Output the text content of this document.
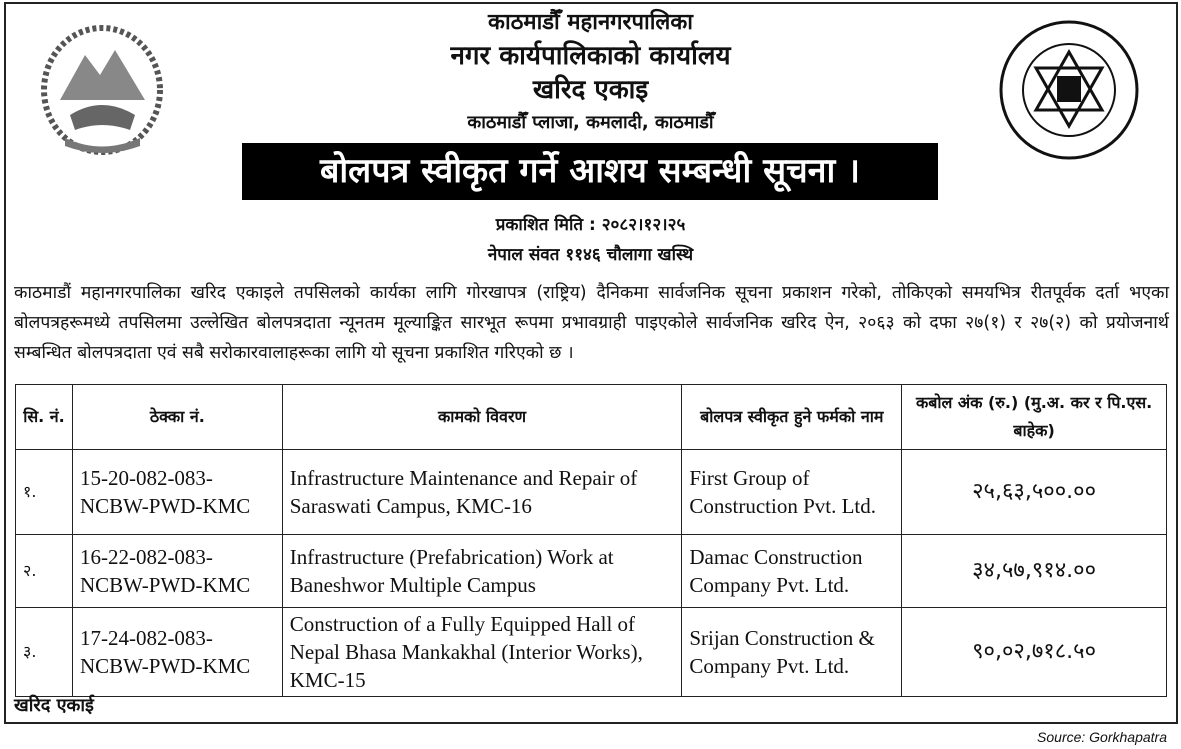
काठमाडौँ महानगरपालिका
नगर कार्यपालिकाको कार्यालय
खरिद एकाइ
काठमाडौँ प्लाजा, कमलादी, काठमाडौँ
बोलपत्र स्वीकृत गर्ने आशय सम्बन्धी सूचना ।
प्रकाशित मिति : २०८२।१२।२५
नेपाल संवत ११४६ चौलागा खस्थि
काठमाडौं महानगरपालिका खरिद एकाइले तपसिलको कार्यका लागि गोरखापत्र (राष्ट्रिय) दैनिकमा सार्वजनिक सूचना प्रकाशन गरेको, तोकिएको समयभित्र रीतपूर्वक दर्ता भएका बोलपत्रहरूमध्ये तपसिलमा उल्लेखित बोलपत्रदाता न्यूनतम मूल्याङ्कित सारभूत रूपमा प्रभावग्राही पाइएकोले सार्वजनिक खरिद ऐन, २०६३ को दफा २७(१) र २७(२) को प्रयोजनार्थ सम्बन्धित बोलपत्रदाता एवं सबै सरोकारवालाहरूका लागि यो सूचना प्रकाशित गरिएको छ ।
सि. नं.	ठेक्का नं.	कामको विवरण	बोलपत्र स्वीकृत हुने फर्मको नाम	कबोल अंक (रु.) (मु.अ. कर र पि.एस. बाहेक)
१.	15-20-082-083-NCBW-PWD-KMC	Infrastructure Maintenance and Repair of Saraswati Campus, KMC-16	First Group of Construction Pvt. Ltd.	२५,६३,५००.००
२.	16-22-082-083-NCBW-PWD-KMC	Infrastructure (Prefabrication) Work at Baneshwor Multiple Campus	Damac Construction Company Pvt. Ltd.	३४,५७,९१४.००
३.	17-24-082-083-NCBW-PWD-KMC	Construction of a Fully Equipped Hall of Nepal Bhasa Mankakhal (Interior Works), KMC-15	Srijan Construction & Company Pvt. Ltd.	९०,०२,७१८.५०
खरिद एकाई
Source: Gorkhapatra
